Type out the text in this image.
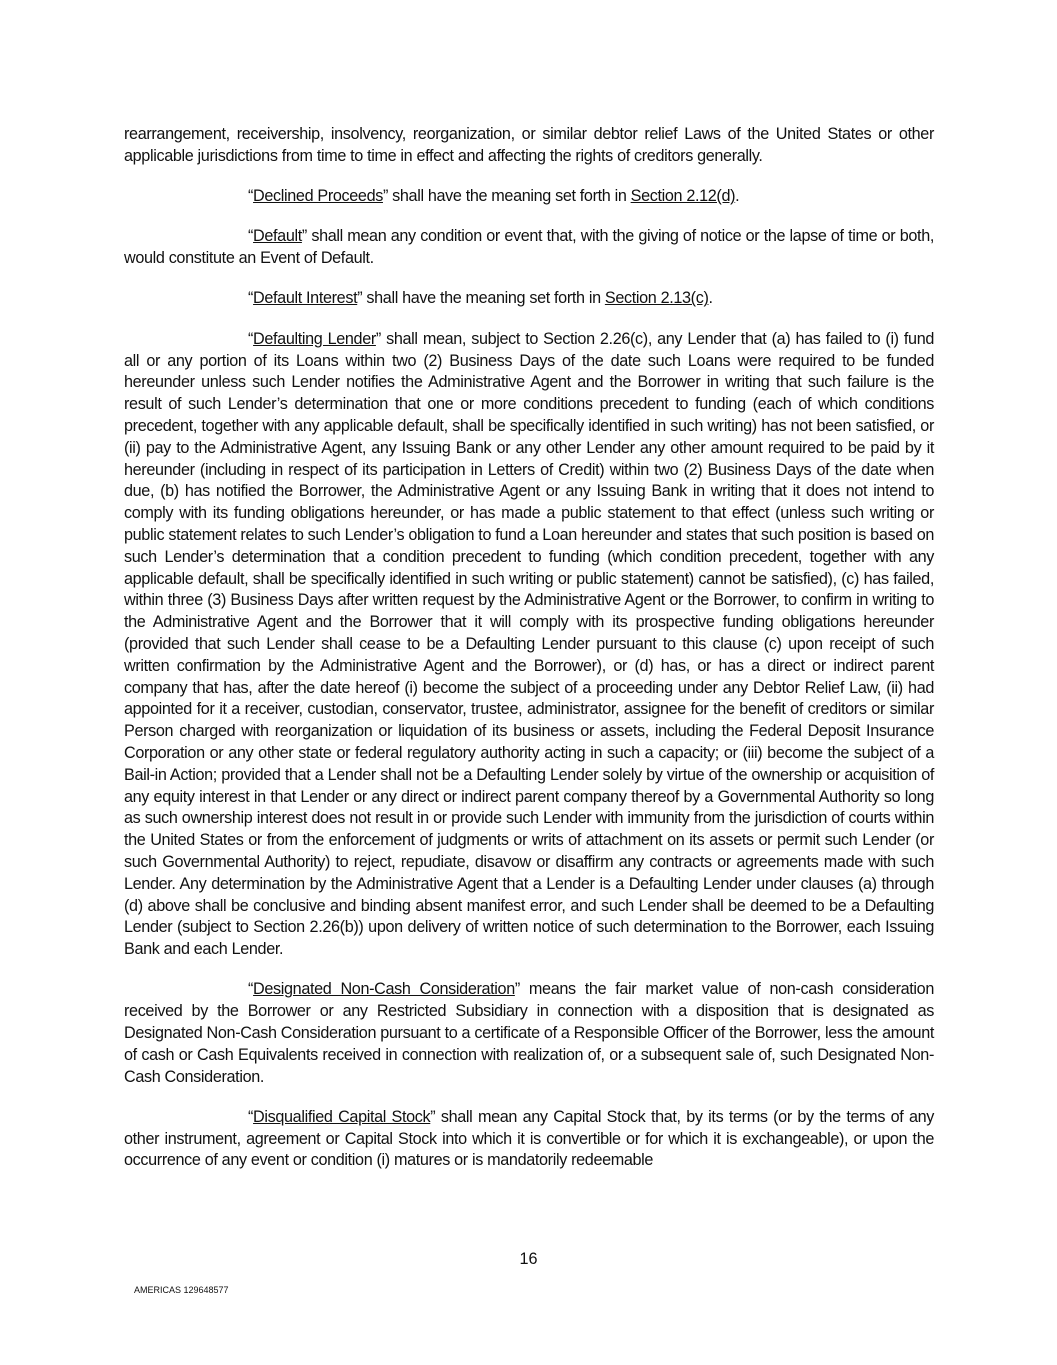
rearrangement, receivership, insolvency, reorganization, or similar debtor relief Laws of the United States or other applicable jurisdictions from time to time in effect and affecting the rights of creditors generally.

“Declined Proceeds” shall have the meaning set forth in Section 2.12(d).

“Default” shall mean any condition or event that, with the giving of notice or the lapse of time or both, would constitute an Event of Default.

“Default Interest” shall have the meaning set forth in Section 2.13(c).

“Defaulting Lender” shall mean, subject to Section 2.26(c), any Lender that (a) has failed to (i) fund all or any portion of its Loans within two (2) Business Days of the date such Loans were required to be funded hereunder unless such Lender notifies the Administrative Agent and the Borrower in writing that such failure is the result of such Lender’s determination that one or more conditions precedent to funding (each of which conditions precedent, together with any applicable default, shall be specifically identified in such writing) has not been satisfied, or (ii) pay to the Administrative Agent, any Issuing Bank or any other Lender any other amount required to be paid by it hereunder (including in respect of its participation in Letters of Credit) within two (2) Business Days of the date when due, (b) has notified the Borrower, the Administrative Agent or any Issuing Bank in writing that it does not intend to comply with its funding obligations hereunder, or has made a public statement to that effect (unless such writing or public statement relates to such Lender’s obligation to fund a Loan hereunder and states that such position is based on such Lender’s determination that a condition precedent to funding (which condition precedent, together with any applicable default, shall be specifically identified in such writing or public statement) cannot be satisfied), (c) has failed, within three (3) Business Days after written request by the Administrative Agent or the Borrower, to confirm in writing to the Administrative Agent and the Borrower that it will comply with its prospective funding obligations hereunder (provided that such Lender shall cease to be a Defaulting Lender pursuant to this clause (c) upon receipt of such written confirmation by the Administrative Agent and the Borrower), or (d) has, or has a direct or indirect parent company that has, after the date hereof (i) become the subject of a proceeding under any Debtor Relief Law, (ii) had appointed for it a receiver, custodian, conservator, trustee, administrator, assignee for the benefit of creditors or similar Person charged with reorganization or liquidation of its business or assets, including the Federal Deposit Insurance Corporation or any other state or federal regulatory authority acting in such a capacity; or (iii) become the subject of a Bail-in Action; provided that a Lender shall not be a Defaulting Lender solely by virtue of the ownership or acquisition of any equity interest in that Lender or any direct or indirect parent company thereof by a Governmental Authority so long as such ownership interest does not result in or provide such Lender with immunity from the jurisdiction of courts within the United States or from the enforcement of judgments or writs of attachment on its assets or permit such Lender (or such Governmental Authority) to reject, repudiate, disavow or disaffirm any contracts or agreements made with such Lender. Any determination by the Administrative Agent that a Lender is a Defaulting Lender under clauses (a) through (d) above shall be conclusive and binding absent manifest error, and such Lender shall be deemed to be a Defaulting Lender (subject to Section 2.26(b)) upon delivery of written notice of such determination to the Borrower, each Issuing Bank and each Lender.

“Designated Non-Cash Consideration” means the fair market value of non-cash consideration received by the Borrower or any Restricted Subsidiary in connection with a disposition that is designated as Designated Non-Cash Consideration pursuant to a certificate of a Responsible Officer of the Borrower, less the amount of cash or Cash Equivalents received in connection with realization of, or a subsequent sale of, such Designated Non-Cash Consideration.

“Disqualified Capital Stock” shall mean any Capital Stock that, by its terms (or by the terms of any other instrument, agreement or Capital Stock into which it is convertible or for which it is exchangeable), or upon the occurrence of any event or condition (i) matures or is mandatorily redeemable

16
AMERICAS 129648577
